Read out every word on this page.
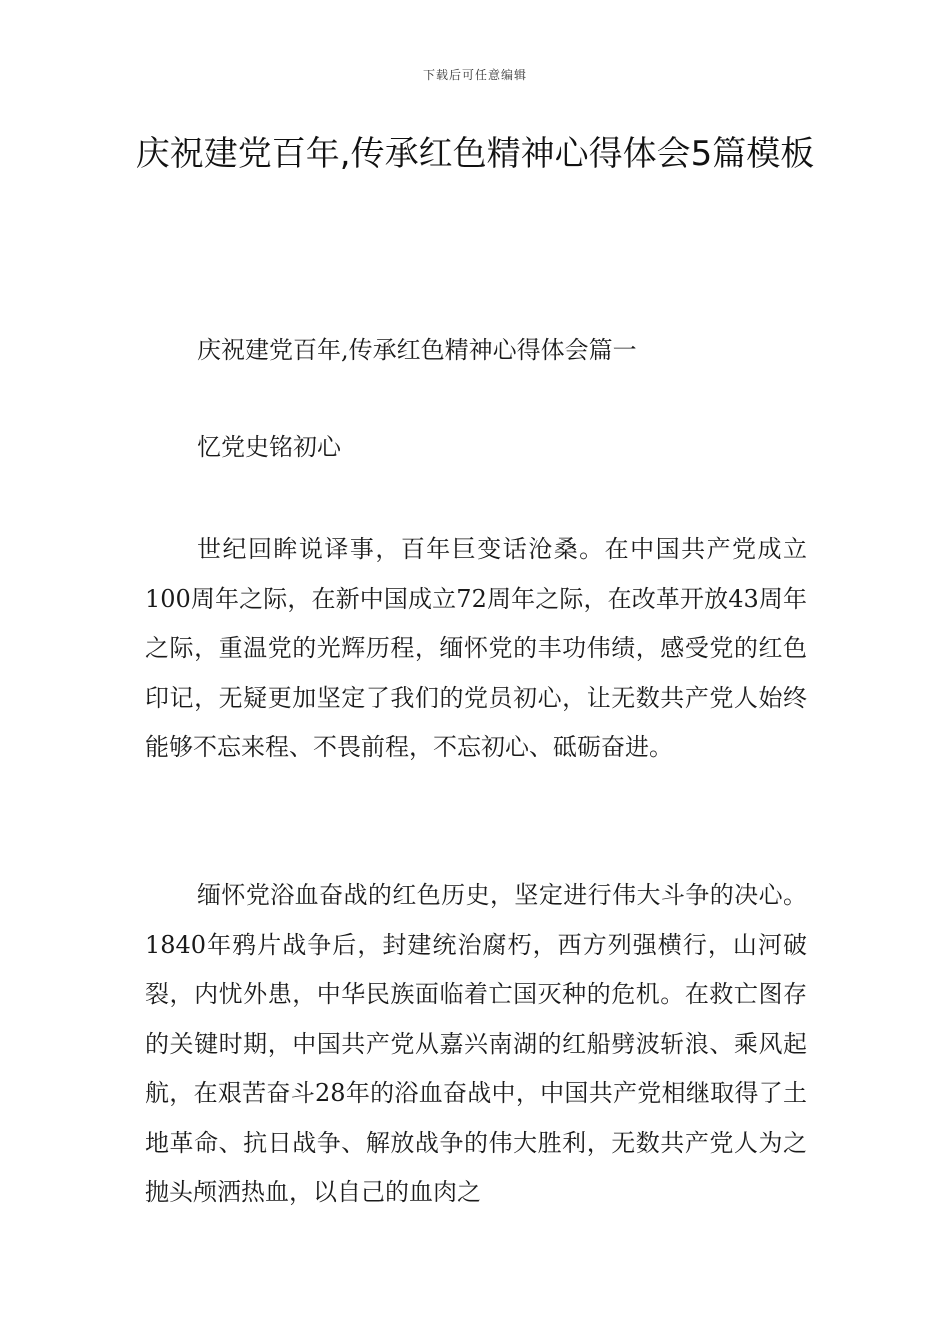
下载后可任意编辑
庆祝建党百年,传承红色精神心得体会5篇模板

庆祝建党百年,传承红色精神心得体会篇一

忆党史铭初心

世纪回眸说译事，百年巨变话沧桑。在中国共产党成立100周年之际，在新中国成立72周年之际，在改革开放43周年之际，重温党的光辉历程，缅怀党的丰功伟绩，感受党的红色印记，无疑更加坚定了我们的党员初心，让无数共产党人始终能够不忘来程、不畏前程，不忘初心、砥砺奋进。

缅怀党浴血奋战的红色历史，坚定进行伟大斗争的决心。1840年鸦片战争后，封建统治腐朽，西方列强横行，山河破裂，内忧外患，中华民族面临着亡国灭种的危机。在救亡图存的关键时期，中国共产党从嘉兴南湖的红船劈波斩浪、乘风起航，在艰苦奋斗28年的浴血奋战中，中国共产党相继取得了土地革命、抗日战争、解放战争的伟大胜利，无数共产党人为之抛头颅洒热血，以自己的血肉之
